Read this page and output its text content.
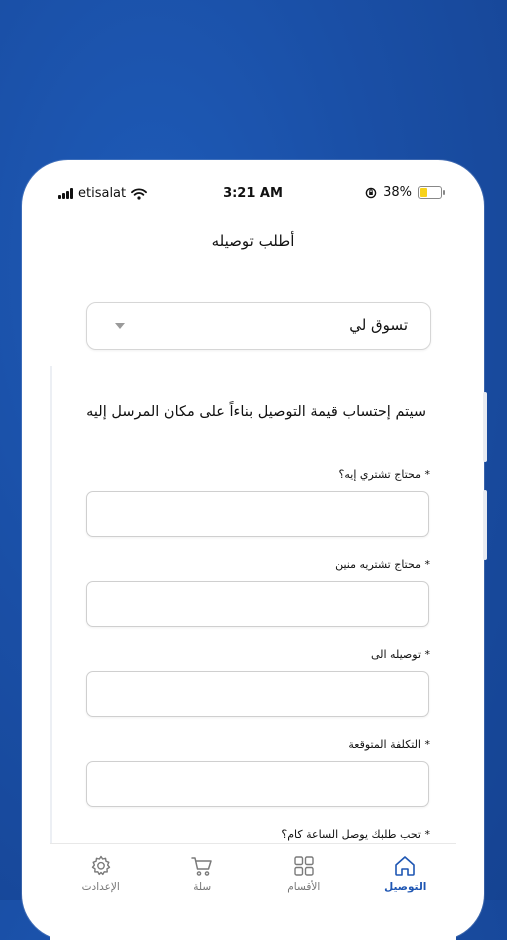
etisalat	3:21 AM	38%
أطلب توصيله
تسوق لي
سيتم إحتساب قيمة التوصيل بناءاً على مكان المرسل إليه
* محتاج تشتري إيه؟
* محتاج تشتريه منين
* توصيله الى
* التكلفة المتوقعة
* تحب طلبك يوصل الساعة كام؟
الإعدادت	سلة	الأقسام	التوصيل
